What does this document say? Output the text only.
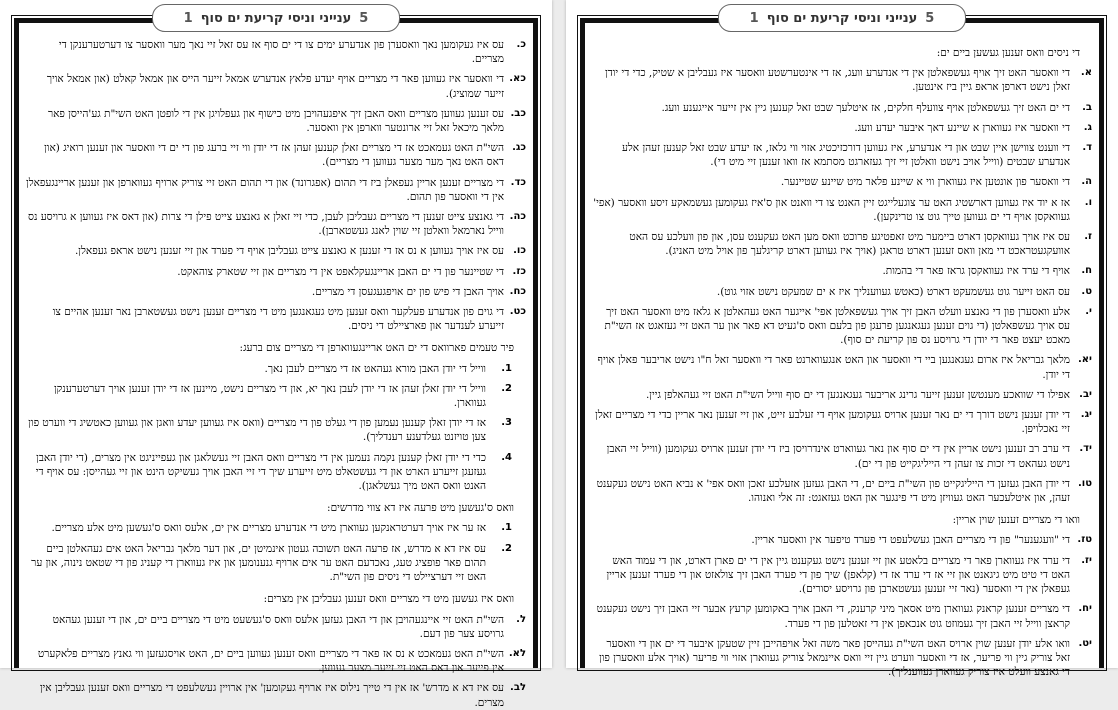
5
ענייני וניסי קריעת ים סוף
1
כ.
עס איז געקומען נאך וואסערן פון אנדערע ימים צו די ים סוף אז עס זאל זיי נאך מער וואסער צו דערטערענקן די מצריים.
כא.
די וואסער איז געווען פאר די מצריים אויף יעדע פלאץ אנדערש אמאל זייער הייס און אמאל קאלט (און אמאל אויך זייער שמוציג).
כב.
עס זענען געווען מצריים וואס האבן זיך איפגעהויבן מיט כישוף און געפלויגן אין די לופטן האט השי"ת גע'הייסן פאר מלאך מיכאל זאל זיי ארונטער ווארפן אין וואסער.
כג.
השי"ת האט געמאכט אז די מצריים זאלן קענען זעהן אז די יודן ווי זיי ברעג פון די ים די וואסער און זענען רואיג (און דאס האט נאך מער מצער געווען די מצריים).
כד.
די מצריים זענען אריין געפאלן ביז די תהום (אפגרונד) און די תהום האט זיי צוריק ארויף געווארפן און זענען אריינגעפאלן אין די וואסער פון תהום.
כה.
די גאנצע צייט זענען די מצריים געבליבן לעבן, כדי זיי זאלן א גאנצע צייט פילן די צרות (און דאס איז געווען א גרויסע נס ווייל נארמאל וואלטן זיי שוין לאנג געשטארבן).
כו.
עס איז אויך געווען א נס אז די זענען א גאנצע צייט געבליבן אויף די פערד און זיי זענען נישט אראפ געפאלן.
כז.
די שטיינער פון די ים האבן אריינגעקלאפט אין די מצריים און זיי שטארק צוהאקט.
כח.
אויך האבן די פיש פון ים אויפגעגעסן די מצריים.
כט.
די גוים פון אנדערע פעלקער וואס זענען מיט געגאנגען מיט די מצריים זענען נישט געשטארבן נאר זענען אהיים צו זייערע לענדער און פארציילט די ניסים.
פיר טעמים פארוואס די ים האט אריינגעווארפן די מצריים צום ברעג:
1.
ווייל די יודן האבן מורא געהאט אז די מצריים לעבן נאך.
2.
ווייל די יודן זאלן זעהן אז די יודן לעבן נאך יא, און די מצריים נישט, מיינען אז די יודן זענען אויך דערטערענקן געווארן.
3.
אז די יודן זאלן קענען נעמען פון די געלט פון די מצריים (וואס איז געווען יעדע וואגן און געווען כאטשיג די ווערט פון צען טויזנט געלדענע רענדליך).
4.
כדי די יודן זאלן קענען נקמה נעמען אין די מצריים וואס האבן זיי געשלאגן און געפייניגט אין מצרים, (די יודן האבן געזעגן זייערע הארט און די געשטאלט מיט זייערע שיך די זיי האבן אויך געשיקט הינט און זיי געהייסן: עס אויף די האנט וואס האט מיך געשלאגן).
וואס ס'געשען מיט פרעה איז דא צווי מדרשים:
1.
אז ער איז אויך דערטראנקען געווארן מיט די אנדערע מצריים אין ים, אלעס וואס ס'געשען מיט אלע מצריים.
2.
עס איז דא א מדרש, אז פרעה האט תשובה געטון אינמיטן ים, און דער מלאך גבריאל האט אים געהאלטן ביים תהום פאר פופציג טעג, נאכדעם האט ער אים ארויף גנענומען און איז געווארן די קעניג פון די שטאט נינוה, און ער האט זיי דערציילט די ניסים פון השי"ת.
וואס איז געשען מיט די מצריים וואס זענען געבליבן אין מצרים:
ל.
השי"ת האט זיי איינגעהויבן און די האבן געזען אלעס וואס ס'געשעט מיט די מצריים ביים ים, און די זענען געהאט גרויסע צער פון דעם.
לא.
השי"ת האט געמאכט א נס אז פאר די מצריים וואס זענען געווען ביים ים, האט אויסגעזען ווי גאנץ מצריים פלאקערט אין פייער און דאס האט זיי זייער מצער געווען.
לב.
עס איז דא א מדרש' אז אין די טייך נילוס איז ארויף געקומען' אין ארויין געשלעפט די מצריים וואס זענען געבליבן אין מצרים.
5
ענייני וניסי קריעת ים סוף
1
די ניסים וואס זענען געשען ביים ים:
א.
די וואסער האט זיך אויף געשפאלטן אין די אנדערע וועג, אז די אינטערשטע וואסער איז געבליבן א שטיק, כדי די יודן זאלן נישט דארפן אראפ גיין ביז אינטען.
ב.
די ים האט זיך געשפאלטן אויף צוועלף חלקים, אז איטלעך שבט זאל קענען גיין אין זייער אייגענע וועג.
ג.
די וואסער איז געווארן א שיינע דאך איבער יעדע וועג.
ד.
די ווענט צווישן איין שבט און די אנדערע, איז געווען דורכזיכטיג אזוי ווי גלאז, אז יעדע שבט זאל קענען זעהן אלע אנדערע שבטים (ווייל אויב נישט וואלטן זיי זיך געזארגט מסתמא אז וואו זענען זיי מיט די).
ה.
די וואסער פון אונטען איז געווארן ווי א שיינע פלאר מיט שיינע שטיינער.
ו.
אז א יוד איז געווען דארשטיג האט ער צוגעלייגט זיין האנט צו די וואנט און ס'איז געקומען געשמאקע זיסע וואסער (אפי' געוואקסן אויף די ים געווען טייך גוט צו טרינקען).
ז.
עס איז אויך געוואקסן דארט ביימער מיט זאפטיגע פרוכט וואס מען האט געקענט עסן, און פון וועלכע עס האט אוועקגעטראכט די מאן וואס זענען דארט טראגן (אויך איז געווען דארט קריגלעך פון אויל מיט האניג).
ח.
אויף די ערד איז געוואקסן גראז פאר די בהמות.
ט.
עס האט זייער גוט געשמעקט דארט (כאטש געווענליך איז א ים שמעקט נישט אזוי גוט).
י.
אלע וואסערן פון די גאנצע וועלט האבן זיך אויך געשפאלטן אפי' אייגער האט געהאלטן א גלאז מיט וואסער האט זיך עס אויך געשפאלטן (די גוים זענען געגאנגען פרעגן פון בלעם וואס ס'געיט דא פאר און ער האט זיי געזאגט אז השי"ת מאכט יעצט פאר די יודן די גרויסע נס פון קריעת ים סוף).
יא.
מלאך גבריאל איז ארום געגאנגען ביי די וואסער און האט אנגעווארנט פאר די וואסער זאל ח"ו נישט אריבער פאלן אויף די יודן.
יב.
אפילו די שוואכע מענטשן זענען זייער גרינג אריבער געגאנגען די ים סוף ווייל השי"ת האט זיי געהאלפן גיין.
יג.
די יודן זענען נישט דורך די ים נאר זענען ארויס געקומען אויף די זעלבע זייט, און זיי זענען נאר אריין כדי די מצריים זאלן זיי נאכלויפן.
יד.
די ערב רב זענען נישט אריין אין די ים סוף און נאר געווארט אינדרויסן ביז די יודן זענען ארויס געקומען (ווייל זיי האבן נישט געהאט די זכות צו זעהן די הייליגקייט פון די ים).
טו.
די יודן האבן געזען די הייליגקייט פון השי"ת ביים ים, די האבן געזען אזעלכע זאכן וואס אפי' א נביא האט נישט געקענט זעהן, און איטלעכער האט געוויזן מיט די פינגער און האט געזאגט: זה אלי ואנוהו.
וואו די מצריים זענען שוין אריין:
טז.
די "וועגענער" פון די מצריים האבן געשלעפט די פערד טיפער אין וואסער אריין.
יז.
די ערד איז געווארן פאר די מצריים בלאטע און זיי זענען נישט געקענט גיין אין די ים פארן דארט, און די עמוד האש האט די טיט מיט גיגאנט און זיי אז די ערד אז די (קלאפן) שיך פון די פערד האבן זיך צולאזט און די פערד זענען אריין געפאלן אין די וואסער (נאר זיי זענען געשטארבן פון גרויסע יסורים).
יח.
די מצריים זענען קראנק געווארן מיט אסאך מיני קרענק, די האבן אויך באקומען קרעץ אבער זיי האבן זיך נישט געקענט קראצן ווייל זיי האבן זיך געמוזט גוט אנכאפן אין די זאטלען פון די פערד.
יט.
וואו אלע יודן זענען שוין ארויס האט השי"ת געהייסן פאר משה זאל אויפהייבן זיין שטעקן איבער די ים און די וואסער זאל צוריק גיין ווי פריער, אז די וואסער ווערט גיין זיי וואס איינמאל צוריק געווארן אזוי ווי פריער (אויך אלע וואסערן פון די גאנצע וועלט איז צוריק געווארן געווענליך).
